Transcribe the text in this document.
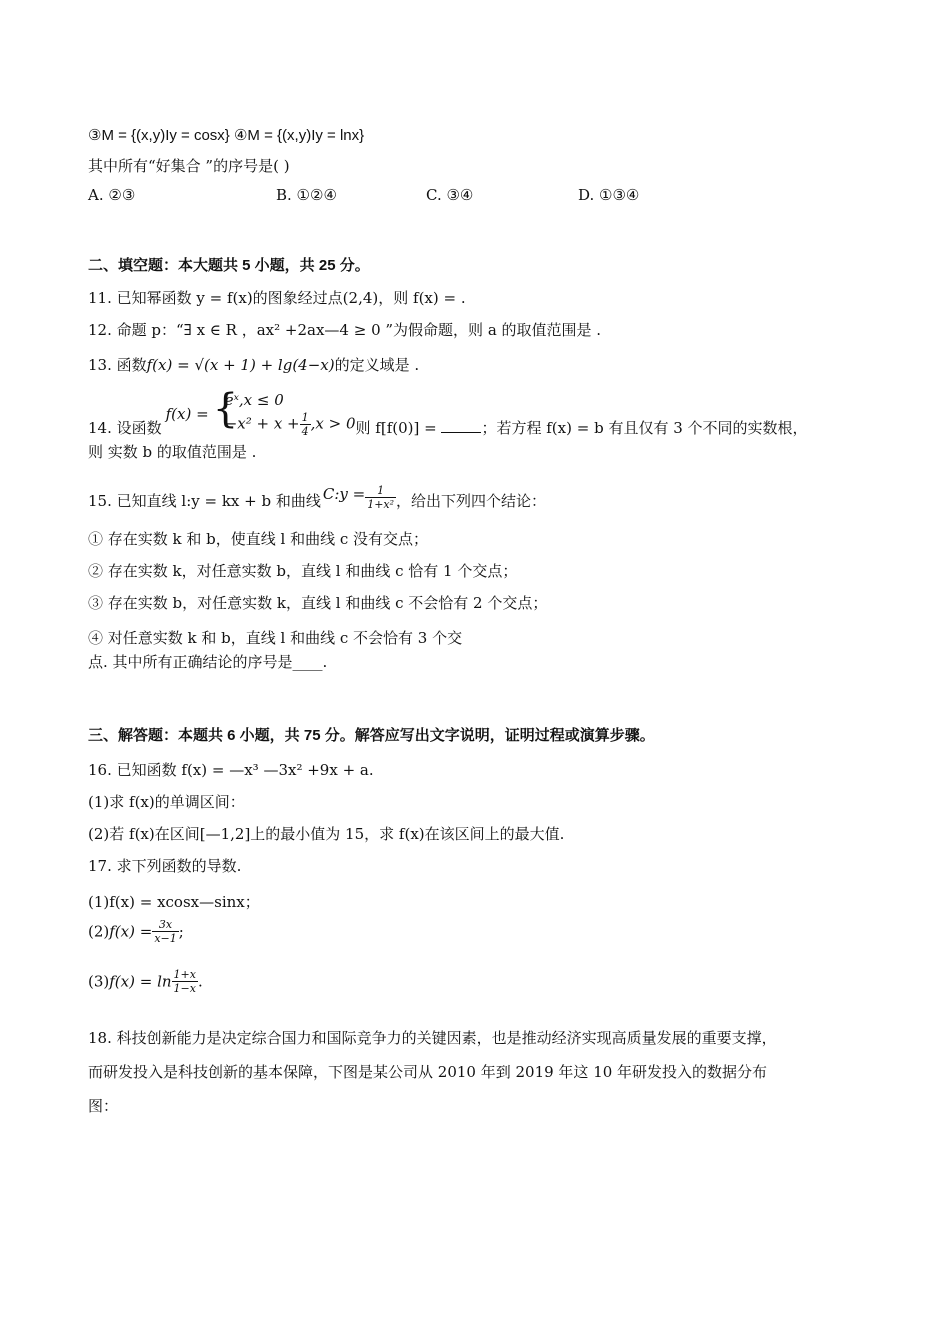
③M = {(x,y)Iy = cosx} ④M = {(x,y)Iy = lnx}
其中所有“好集合 ”的序号是( )
A. ②③	B. ①②④	C. ③④	D. ①③④
二、填空题：本大题共 5 小题，共 25 分。
11. 已知幂函数 y = f(x)的图象经过点(2,4)，则 f(x) = .
12. 命题 p：“∃ x ∈ R ，ax² +2ax—4 ≥ 0 ”为假命题，则 a 的取值范围是 .
13. 函数f(x) = √(x + 1) + lg(4−x)的定义域是 .
14. 设函数f(x) = {
eˣ,x ≤ 0
$-x^2 + x + \frac{1}{4} ,x > 0$ 则 f[f(0)] =	；若方程 f(x) = b 有且仅有 3 个不同的实数根，
则 实数 b 的取值范围是 .
15. 已知直线 l:y = kx + b 和曲线 C:y = $\frac{1}{\text{1+x²}}$ ，给出下列四个结论：
① 存在实数 k 和 b，使直线 l 和曲线 c 没有交点；
② 存在实数 k，对任意实数 b，直线 l 和曲线 c 恰有 1 个交点；
③ 存在实数 b，对任意实数 k，直线 l 和曲线 c 不会恰有 2 个交点；
④ 对任意实数 k 和 b，直线 l 和曲线 c 不会恰有 3 个交
点. 其中所有正确结论的序号是____.
三、解答题：本题共 6 小题，共 75 分。解答应写出文字说明，证明过程或演算步骤。
16. 已知函数 f(x) = —x³ —3x² +9x + a.
(1)求 f(x)的单调区间：
(2)若 f(x)在区间[—1,2]上的最小值为 15，求 f(x)在该区间上的最大值.
17. 求下列函数的导数.
(1)f(x) = xcosx—sinx；
$(2)f(x) = \frac{3x}{x-1}$ ;
$(3)f(x) = \ln \frac{1+x}{1-x}$ .
18. 科技创新能力是决定综合国力和国际竞争力的关键因素，也是推动经济实现高质量发展的重要支撑，
而研发投入是科技创新的基本保障，下图是某公司从 2010 年到 2019 年这 10 年研发投入的数据分布
图：
